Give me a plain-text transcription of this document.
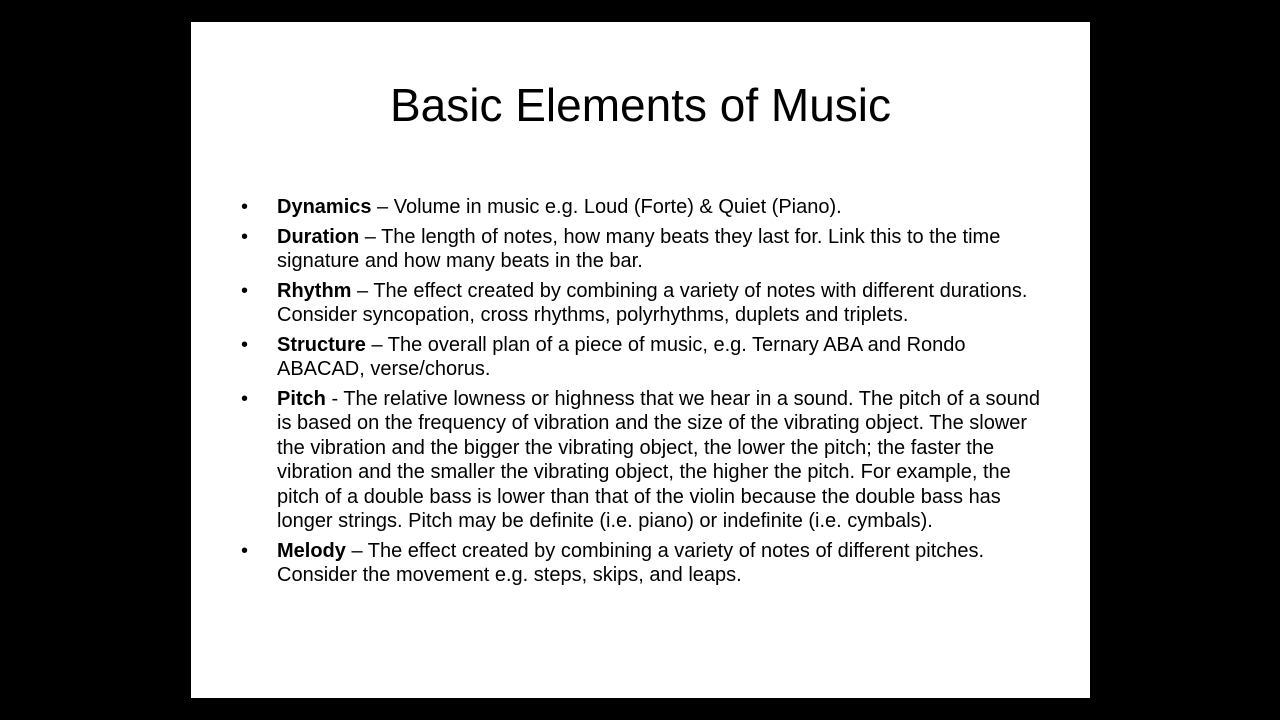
Basic Elements of Music
•	Dynamics – Volume in music e.g. Loud (Forte) & Quiet (Piano).
•	Duration – The length of notes, how many beats they last for. Link this to the time signature and how many beats in the bar.
•	Rhythm – The effect created by combining a variety of notes with different durations. Consider syncopation, cross rhythms, polyrhythms, duplets and triplets.
•	Structure – The overall plan of a piece of music, e.g. Ternary ABA and Rondo ABACAD, verse/chorus.
•	Pitch - The relative lowness or highness that we hear in a sound. The pitch of a sound is based on the frequency of vibration and the size of the vibrating object. The slower the vibration and the bigger the vibrating object, the lower the pitch; the faster the vibration and the smaller the vibrating object, the higher the pitch. For example, the pitch of a double bass is lower than that of the violin because the double bass has longer strings. Pitch may be definite (i.e. piano) or indefinite (i.e. cymbals).
•	Melody – The effect created by combining a variety of notes of different pitches. Consider the movement e.g. steps, skips, and leaps.
